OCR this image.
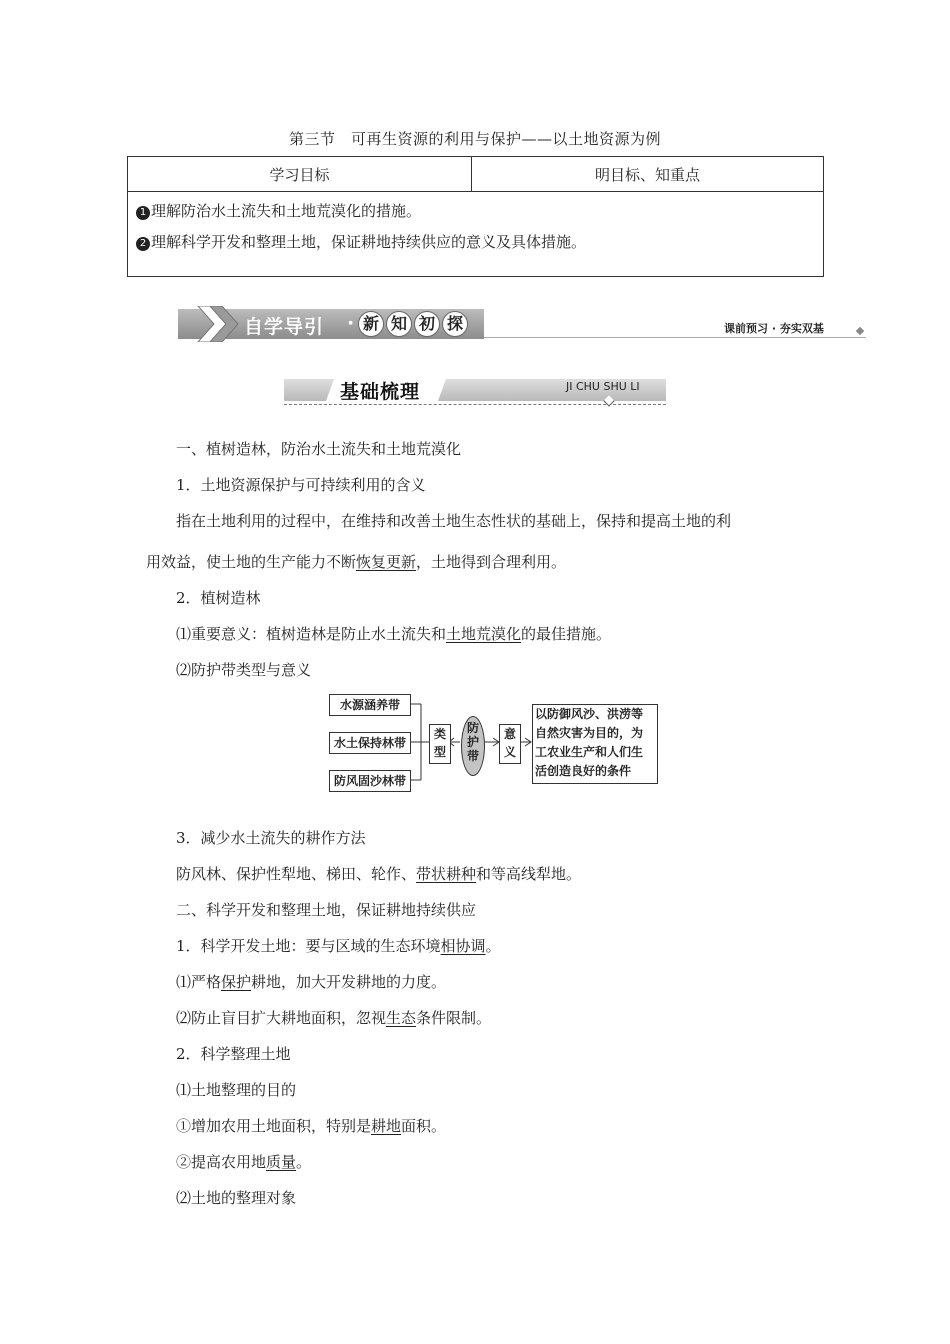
第三节　可再生资源的利用与保护——以土地资源为例
学习目标	明目标、知重点

1 理解防治水土流失和土地荒漠化的措施。
2 理解科学开发和整理土地，保证耕地持续供应的意义及具体措施。
自学导引 · 新 知 初 探	课前预习 · 夯实双基
基础梳理	JI CHU SHU LI
一、植树造林，防治水土流失和土地荒漠化
1．土地资源保护与可持续利用的含义
指在土地利用的过程中，在维持和改善土地生态性状的基础上，保持和提高土地的利
用效益，使土地的生产能力不断恢复更新，土地得到合理利用。
2．植树造林
⑴重要意义：植树造林是防止水土流失和土地荒漠化的最佳措施。
⑵防护带类型与意义
水源涵养带
水土保持林带
防风固沙林带
类
型
防
护
带
意
义
以防御风沙、洪涝等
自然灾害为目的，为
工农业生产和人们生
活创造良好的条件
3．减少水土流失的耕作方法
防风林、保护性犁地、梯田、轮作、带状耕种和等高线犁地。
二、科学开发和整理土地，保证耕地持续供应
1．科学开发土地：要与区域的生态环境相协调。
⑴严格保护耕地，加大开发耕地的力度。
⑵防止盲目扩大耕地面积，忽视生态条件限制。
2．科学整理土地
⑴土地整理的目的
①增加农用土地面积，特别是耕地面积。
②提高农用地质量。
⑵土地的整理对象
